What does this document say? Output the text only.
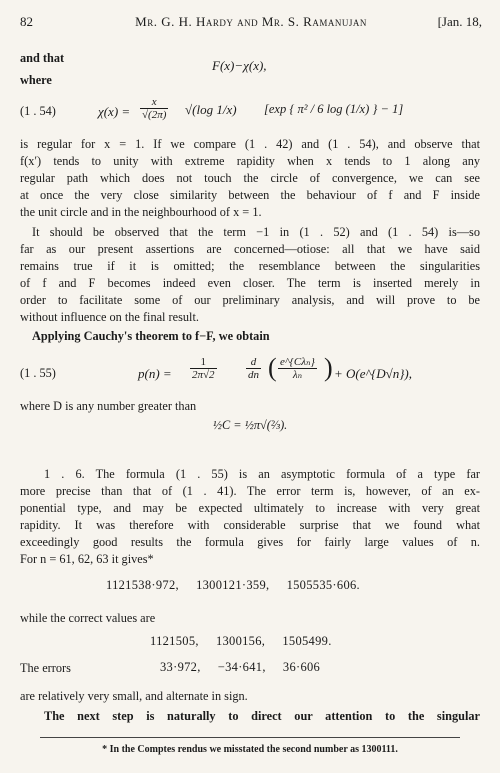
82	Mr. G. H. Hardy and Mr. S. Ramanujan	[Jan. 18,
and that	F(x)−χ(x),
where
(1 . 54)	$\chi(x) = \frac{x}{√(2\pi)} √(\log$ 1/x) [exp { π² / 6 log (1/x) } − 1]
is regular for x = 1. If we compare (1 . 42) and (1 . 54), and observe that
f(x′) tends to unity with extreme rapidity when x tends to 1 along any
regular path which does not touch the circle of convergence, we can see
at once the very close similarity between the behaviour of f and F inside
the unit circle and in the neighbourhood of x = 1.
It should be observed that the term −1 in (1 . 52) and (1 . 54) is—so
far as our present assertions are concerned—otiose: all that we have said
remains true if it is omitted; the resemblance between the singularities
of f and F becomes indeed even closer. The term is inserted merely in
order to facilitate some of our preliminary analysis, and will prove to be
without influence on the final result.
Applying Cauchy's theorem to f−F, we obtain
(1 . 55)	$p(n) = \frac{1}{2\pi√2}$	$\frac{d}{dn}$ ( e^{Cλₙ}
λₙ ) + O(e^{D√n}),
where D is any number greater than
½C = ½π√(⅔).
1 . 6. The formula (1 . 55) is an asymptotic formula of a type far
more precise than that of (1 . 41). The error term is, however, of an ex-
ponential type, and may be expected ultimately to increase with very great
rapidity. It was therefore with considerable surprise that we found what
exceedingly good results the formula gives for fairly large values of n.
For n = 61, 62, 63 it gives*
1121538·972, 1300121·359, 1505535·606.
while the correct values are
1121505, 1300156, 1505499.
The errors	33·972, −34·641, 36·606
are relatively very small, and alternate in sign.
The next step is naturally to direct our attention to the singular
* In the Comptes rendus we misstated the second number as 1300111.
